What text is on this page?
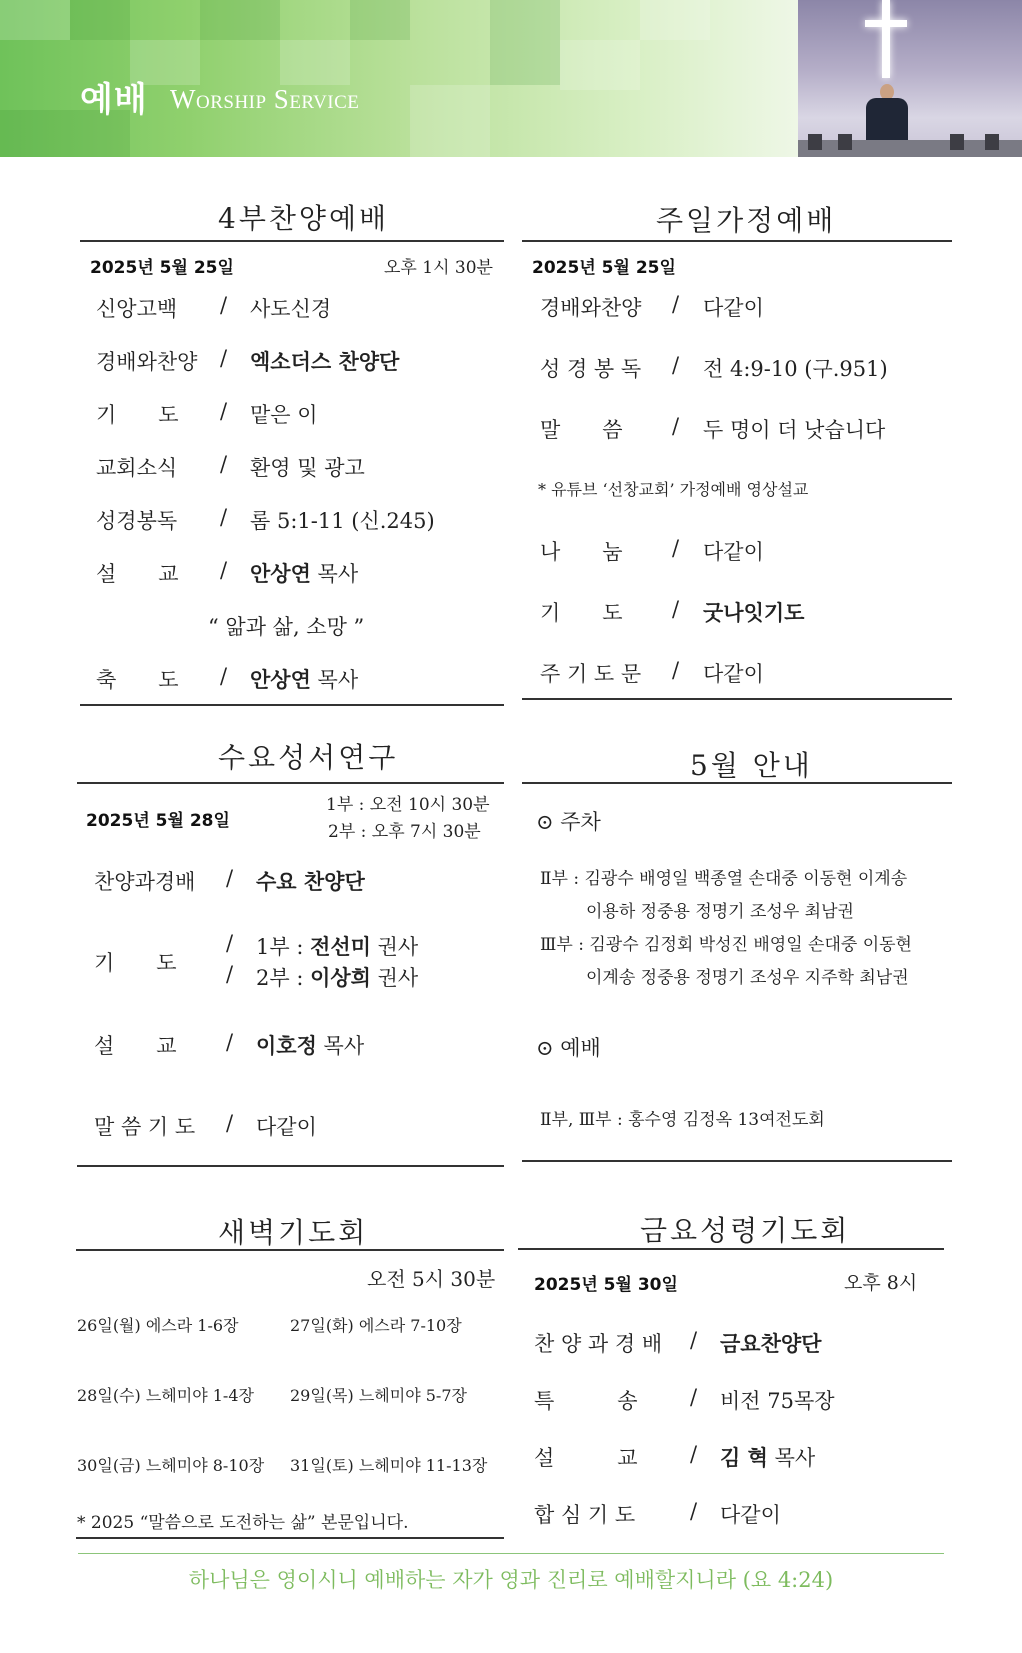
예배 Worship Service
4부찬양예배
2025년 5월 25일	오후 1시 30분
신앙고백 / 사도신경
경배와찬양 / 엑소더스 찬양단
기　　도 / 맡은 이
교회소식 / 환영 및 광고
성경봉독 / 롬 5:1-11 (신.245)
설　　교 / 안상연 목사
“ 앎과 삶, 소망 ”
축　　도 / 안상연 목사
주일가정예배
2025년 5월 25일
경배와찬양 / 다같이
성 경 봉 독 / 전 4:9-10 (구.951)
말　　씀 / 두 명이 더 낫습니다
* 유튜브 ‘선창교회’ 가정예배 영상설교
나　　눔 / 다같이
기　　도 / 굿나잇기도
주 기 도 문 / 다같이
수요성서연구
2025년 5월 28일
1부 : 오전 10시 30분
2부 : 오후 7시 30분
찬양과경배 / 수요 찬양단
기　　도
/ 1부 : 전선미 권사
/ 2부 : 이상희 권사
설　　교 / 이호정 목사
말 씀 기 도 / 다같이
5월 안내
⊙ 주차
Ⅱ부 : 김광수 배영일 백종열 손대중 이동현 이계송
이용하 정중용 정명기 조성우 최남권
Ⅲ부 : 김광수 김정회 박성진 배영일 손대중 이동현
이계송 정중용 정명기 조성우 지주학 최남권
⊙ 예배
Ⅱ부, Ⅲ부 : 홍수영 김정옥 13여전도회
새벽기도회
오전 5시 30분
26일(월) 에스라 1-6장	27일(화) 에스라 7-10장
28일(수) 느헤미야 1-4장 29일(목) 느헤미야 5-7장
30일(금) 느헤미야 8-10장 31일(토) 느헤미야 11-13장
* 2025 “말씀으로 도전하는 삶” 본문입니다.
금요성령기도회
2025년 5월 30일	오후 8시
찬 양 과 경 배 / 금요찬양단
특　　　송 / 비전 75목장
설　　　교 / 김 혁 목사
합 심 기 도	/ 다같이
하나님은 영이시니 예배하는 자가 영과 진리로 예배할지니라 (요 4:24)
